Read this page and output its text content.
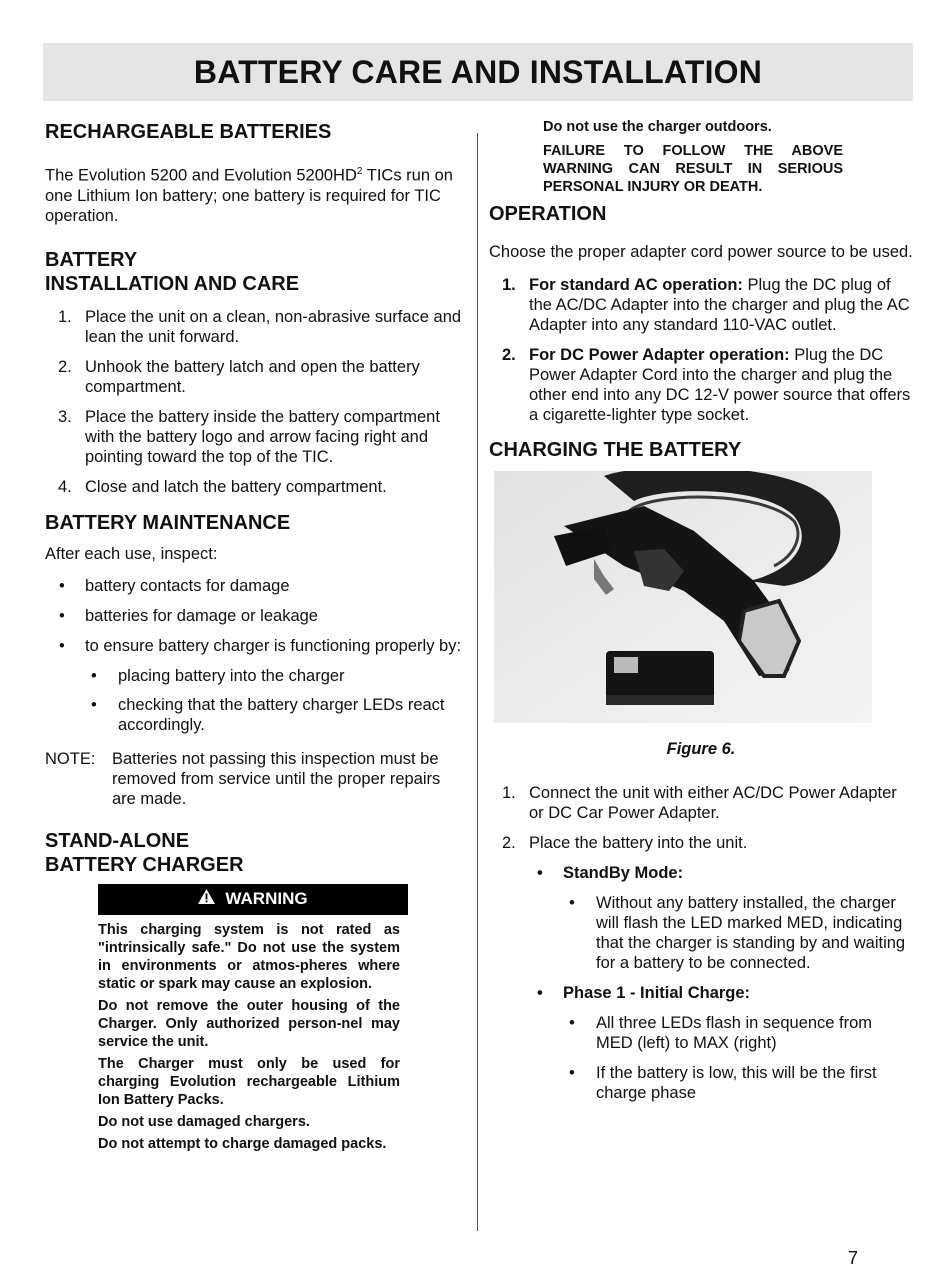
BATTERY CARE AND INSTALLATION
RECHARGEABLE BATTERIES

The Evolution 5200 and Evolution $5200HD^2$ TICs run on one Lithium Ion battery; one battery is required for TIC operation.

BATTERY
INSTALLATION AND CARE
1. Place the unit on a clean, non-abrasive surface and lean the unit forward.
2. Unhook the battery latch and open the battery compartment.
3. Place the battery inside the battery compartment with the battery logo and arrow facing right and pointing toward the top of the TIC.
4. Close and latch the battery compartment.
BATTERY MAINTENANCE

After each use, inspect:

• battery contacts for damage
• batteries for damage or leakage
• to ensure battery charger is functioning properly by:
• placing battery into the charger
• checking that the battery charger LEDs react accordingly.

NOTE: Batteries not passing this inspection must be removed from service until the proper repairs are made.

STAND-ALONE
BATTERY CHARGER
WARNING

This charging system is not rated as "intrinsically safe." Do not use the system in environments or atmos-pheres where static or spark may cause an explosion.

Do not remove the outer housing of the Charger. Only authorized person-nel may service the unit.

The Charger must only be used for charging Evolution rechargeable Lithium Ion Battery Packs.

Do not use damaged chargers.

Do not attempt to charge damaged packs.

Do not use the charger outdoors.

FAILURE TO FOLLOW THE ABOVE WARNING CAN RESULT IN SERIOUS PERSONAL INJURY OR DEATH.

OPERATION

Choose the proper adapter cord power source to be used.

1. For standard AC operation: Plug the DC plug of the AC/DC Adapter into the charger and plug the AC Adapter into any standard 110-VAC outlet.
2. For DC Power Adapter operation: Plug the DC Power Adapter Cord into the charger and plug the other end into any DC 12-V power source that offers a cigarette-lighter type socket.
CHARGING THE BATTERY

Figure 6.

1. Connect the unit with either AC/DC Power Adapter or DC Car Power Adapter.
2. Place the battery into the unit.
• StandBy Mode:
• Without any battery installed, the charger will flash the LED marked MED, indicating that the charger is standing by and waiting for a battery to be connected.
• Phase 1 - Initial Charge:
• All three LEDs flash in sequence from MED (left) to MAX (right)
• If the battery is low, this will be the first charge phase
7
